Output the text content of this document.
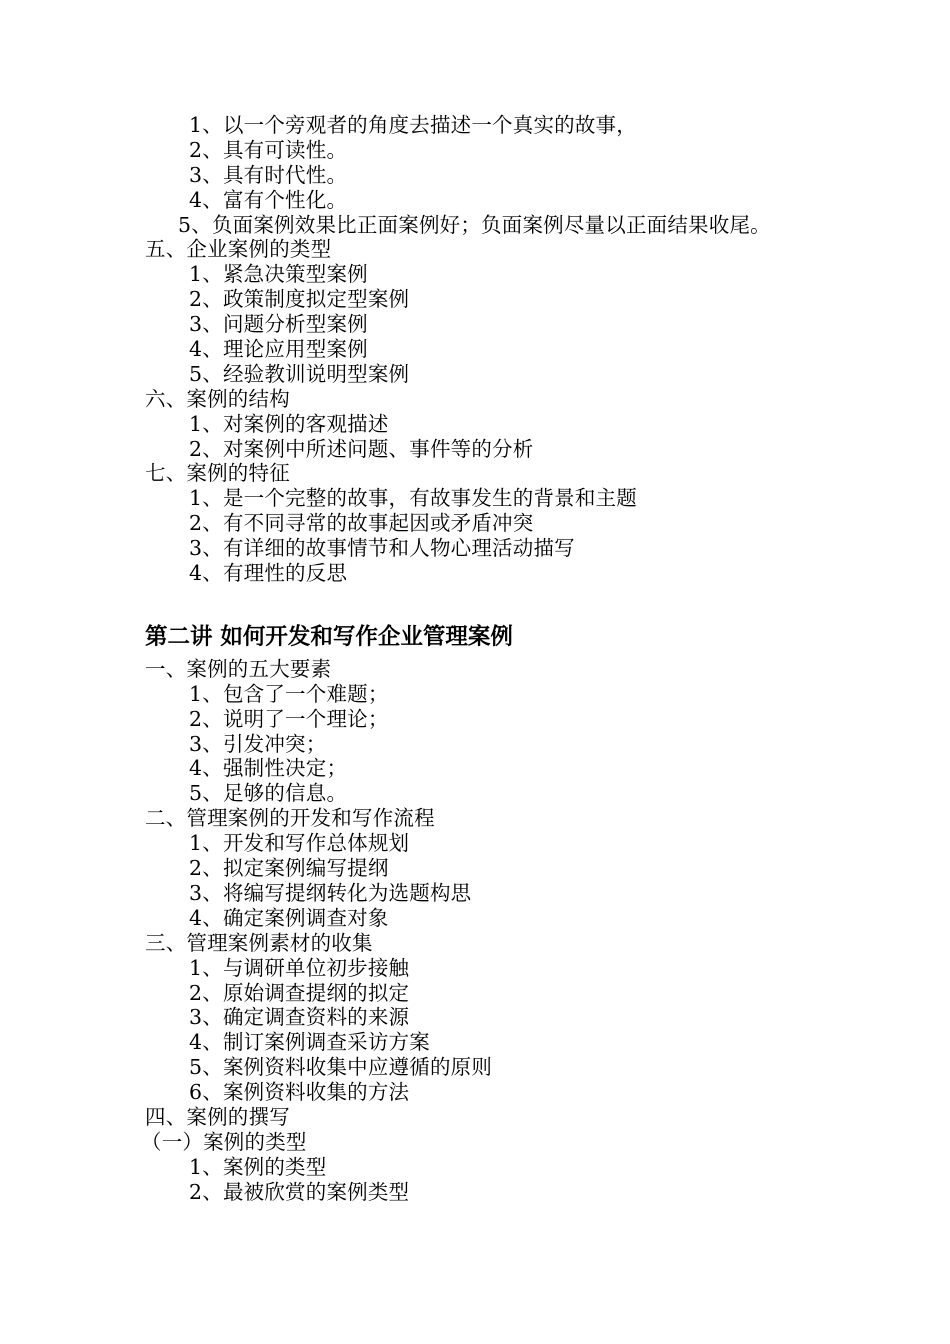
1、以一个旁观者的角度去描述一个真实的故事，
2、具有可读性。
3、具有时代性。
4、富有个性化。
5、负面案例效果比正面案例好；负面案例尽量以正面结果收尾。
五、企业案例的类型
1、紧急决策型案例
2、政策制度拟定型案例
3、问题分析型案例
4、理论应用型案例
5、经验教训说明型案例
六、案例的结构
1、对案例的客观描述
2、对案例中所述问题、事件等的分析
七、案例的特征
1、是一个完整的故事，有故事发生的背景和主题
2、有不同寻常的故事起因或矛盾冲突
3、有详细的故事情节和人物心理活动描写
4、有理性的反思
第二讲 如何开发和写作企业管理案例
一、案例的五大要素
1、包含了一个难题；
2、说明了一个理论；
3、引发冲突；
4、强制性决定；
5、足够的信息。
二、管理案例的开发和写作流程
1、开发和写作总体规划
2、拟定案例编写提纲
3、将编写提纲转化为选题构思
4、确定案例调查对象
三、管理案例素材的收集
1、与调研单位初步接触
2、原始调查提纲的拟定
3、确定调查资料的来源
4、制订案例调查采访方案
5、案例资料收集中应遵循的原则
6、案例资料收集的方法
四、案例的撰写
（一）案例的类型
1、案例的类型
2、最被欣赏的案例类型
